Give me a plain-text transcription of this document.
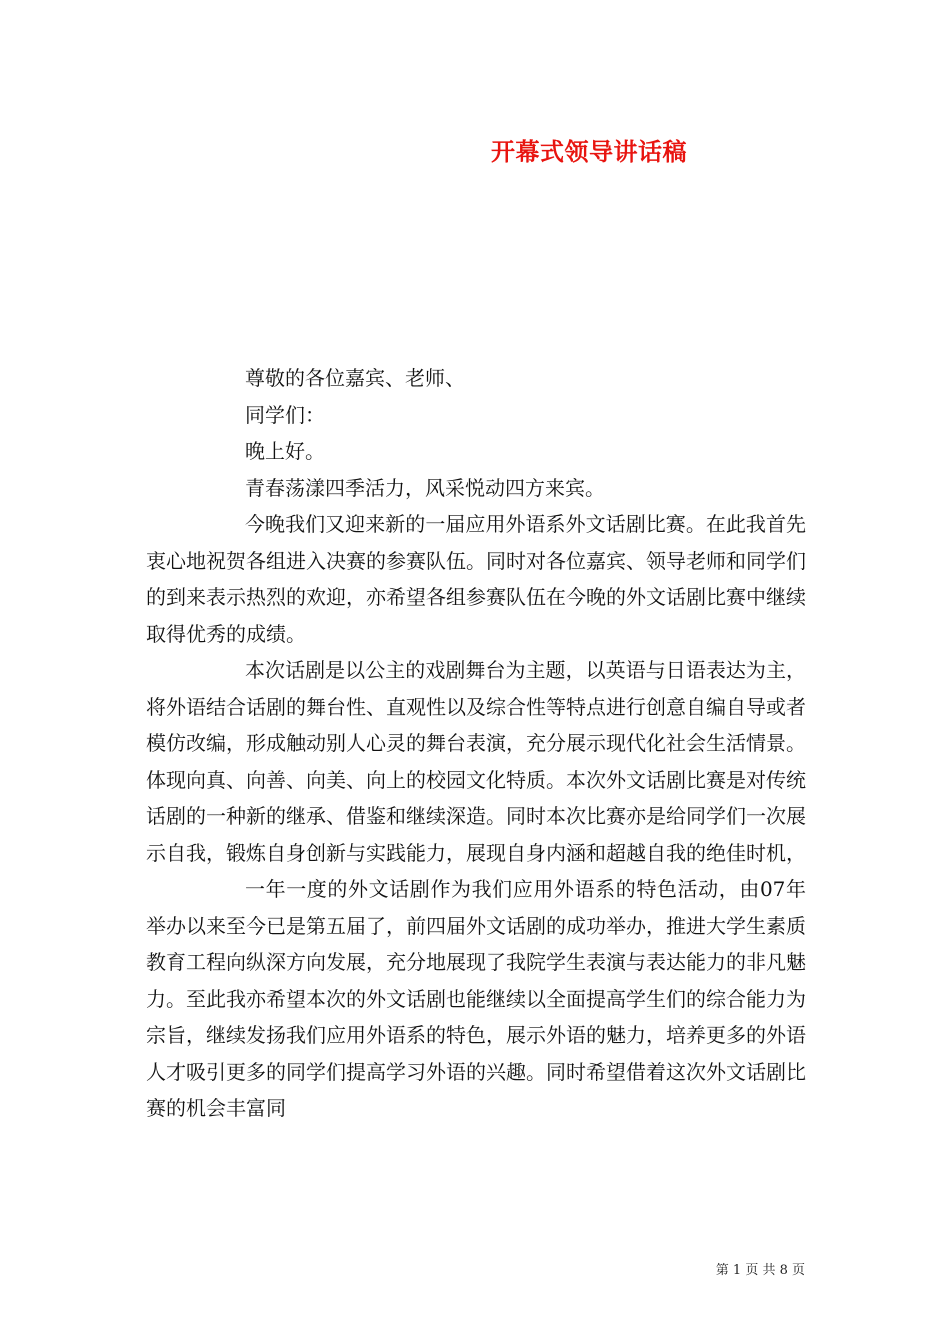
开幕式领导讲话稿
尊敬的各位嘉宾、老师、
同学们：
晚上好。
青春荡漾四季活力，风采悦动四方来宾。

今晚我们又迎来新的一届应用外语系外文话剧比赛。在此我首先衷心地祝贺各组进入决赛的参赛队伍。同时对各位嘉宾、领导老师和同学们的到来表示热烈的欢迎，亦希望各组参赛队伍在今晚的外文话剧比赛中继续取得优秀的成绩。

本次话剧是以公主的戏剧舞台为主题，以英语与日语表达为主，将外语结合话剧的舞台性、直观性以及综合性等特点进行创意自编自导或者模仿改编，形成触动别人心灵的舞台表演，充分展示现代化社会生活情景。体现向真、向善、向美、向上的校园文化特质。本次外文话剧比赛是对传统话剧的一种新的继承、借鉴和继续深造。同时本次比赛亦是给同学们一次展示自我，锻炼自身创新与实践能力，展现自身内涵和超越自我的绝佳时机，

一年一度的外文话剧作为我们应用外语系的特色活动，由07年举办以来至今已是第五届了，前四届外文话剧的成功举办，推进大学生素质教育工程向纵深方向发展，充分地展现了我院学生表演与表达能力的非凡魅力。至此我亦希望本次的外文话剧也能继续以全面提高学生们的综合能力为宗旨，继续发扬我们应用外语系的特色，展示外语的魅力，培养更多的外语人才吸引更多的同学们提高学习外语的兴趣。同时希望借着这次外文话剧比赛的机会丰富同

第 1 页 共 8 页
